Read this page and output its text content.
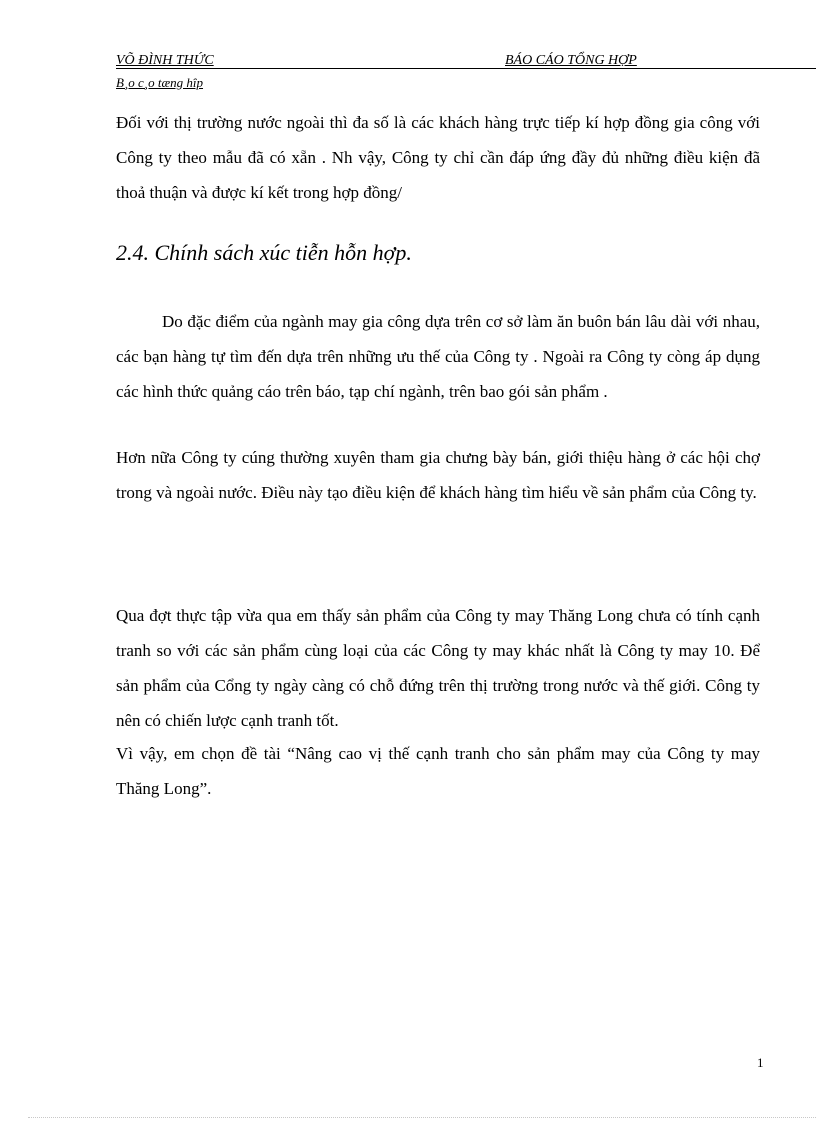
VÕ ĐÌNH THỨC	BÁO CÁO TỔNG HỢP
B¸o c¸o tæng hîp

Đối với thị trường nước ngoài thì đa số là các khách hàng trực tiếp kí hợp đồng gia công với Công ty theo mẫu đã có xẵn . Nh vậy, Công ty chỉ cần đáp ứng đầy đủ những điều kiện đã thoả thuận và được kí kết trong hợp đồng/

2.4. Chính sách xúc tiễn hỗn hợp.

Do đặc điểm của ngành may gia công dựa trên cơ sở làm ăn buôn bán lâu dài với nhau, các bạn hàng tự tìm đến dựa trên những ưu thế của Công ty . Ngoài ra Công ty còng áp dụng các hình thức quảng cáo trên báo, tạp chí ngành, trên bao gói sản phẩm .

Hơn nữa Công ty cúng thường xuyên tham gia chưng bày bán, giới thiệu hàng ở các hội chợ trong và ngoài nước. Điều này tạo điều kiện để khách hàng tìm hiểu về sản phẩm của Công ty.

Qua đợt thực tập vừa qua em thấy sản phẩm của Công ty may Thăng Long chưa có tính cạnh tranh so với các sản phẩm cùng loại của các Công ty may khác nhất là Công ty may 10. Để sản phẩm của Cổng ty ngày càng có chỗ đứng trên thị trường trong nước và thế giới. Công ty nên có chiến lược cạnh tranh tốt.

Vì vậy, em chọn đề tài “Nâng cao vị thế cạnh tranh cho sản phẩm may của Công ty may Thăng Long”.

1
